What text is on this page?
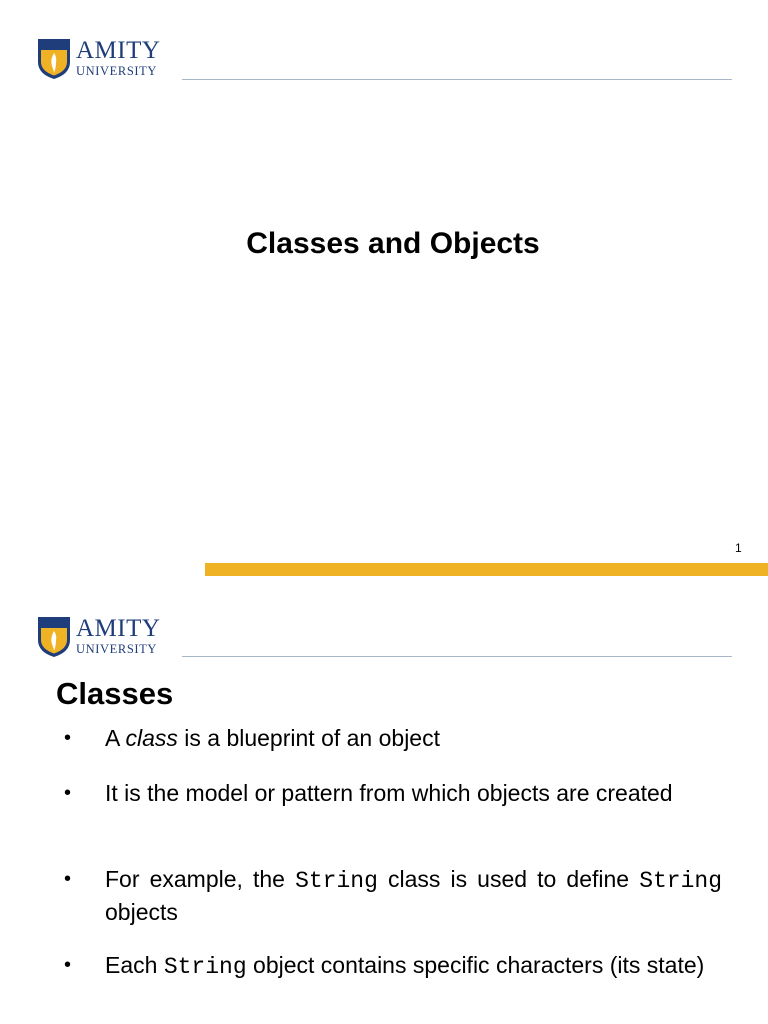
AMITY
UNIVERSITY
Classes and Objects
1
AMITY
UNIVERSITY
Classes
• A class is a blueprint of an object
• It is the model or pattern from which objects are created
• For example, the String class is used to define String objects
• Each String object contains specific characters (its state)
